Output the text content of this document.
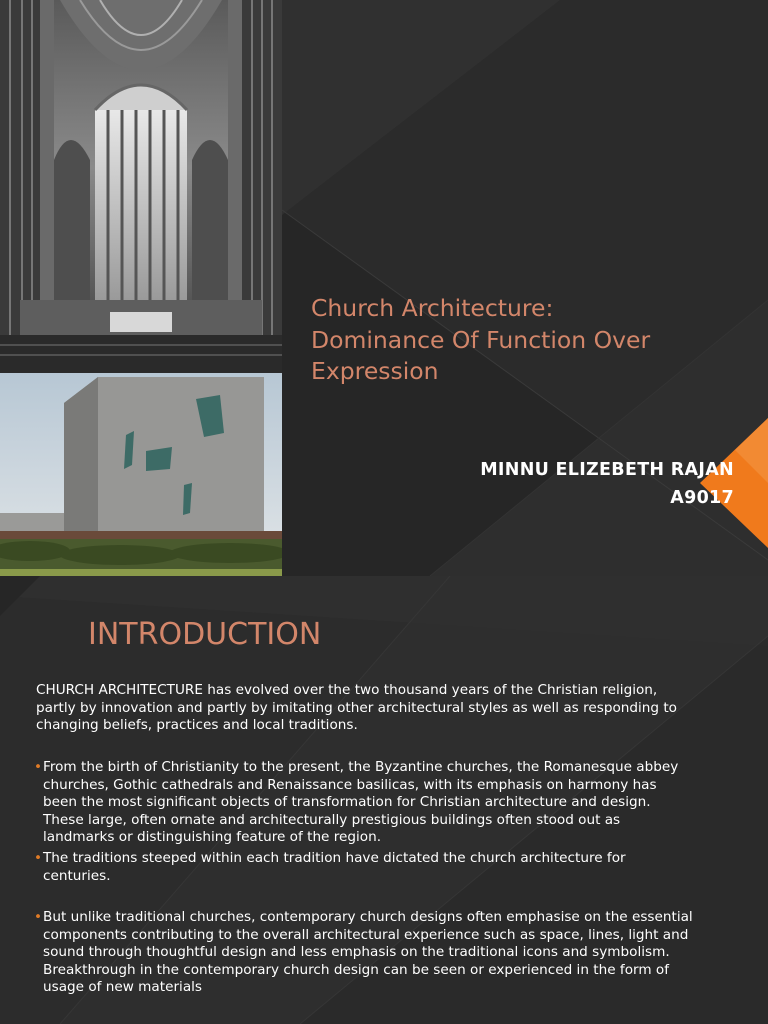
Church Architecture:
Dominance Of Function Over
Expression
MINNU ELIZEBETH RAJAN
A9017
INTRODUCTION

CHURCH ARCHITECTURE has evolved over the two thousand years of the Christian religion,
partly by innovation and partly by imitating other architectural styles as well as responding to
changing beliefs, practices and local traditions.

• From the birth of Christianity to the present, the Byzantine churches, the Romanesque abbey
churches, Gothic cathedrals and Renaissance basilicas, with its emphasis on harmony has
been the most significant objects of transformation for Christian architecture and design.
These large, often ornate and architecturally prestigious buildings often stood out as
landmarks or distinguishing feature of the region.

• The traditions steeped within each tradition have dictated the church architecture for
centuries.

• But unlike traditional churches, contemporary church designs often emphasise on the essential
components contributing to the overall architectural experience such as space, lines, light and
sound through thoughtful design and less emphasis on the traditional icons and symbolism.
Breakthrough in the contemporary church design can be seen or experienced in the form of
usage of new materials
